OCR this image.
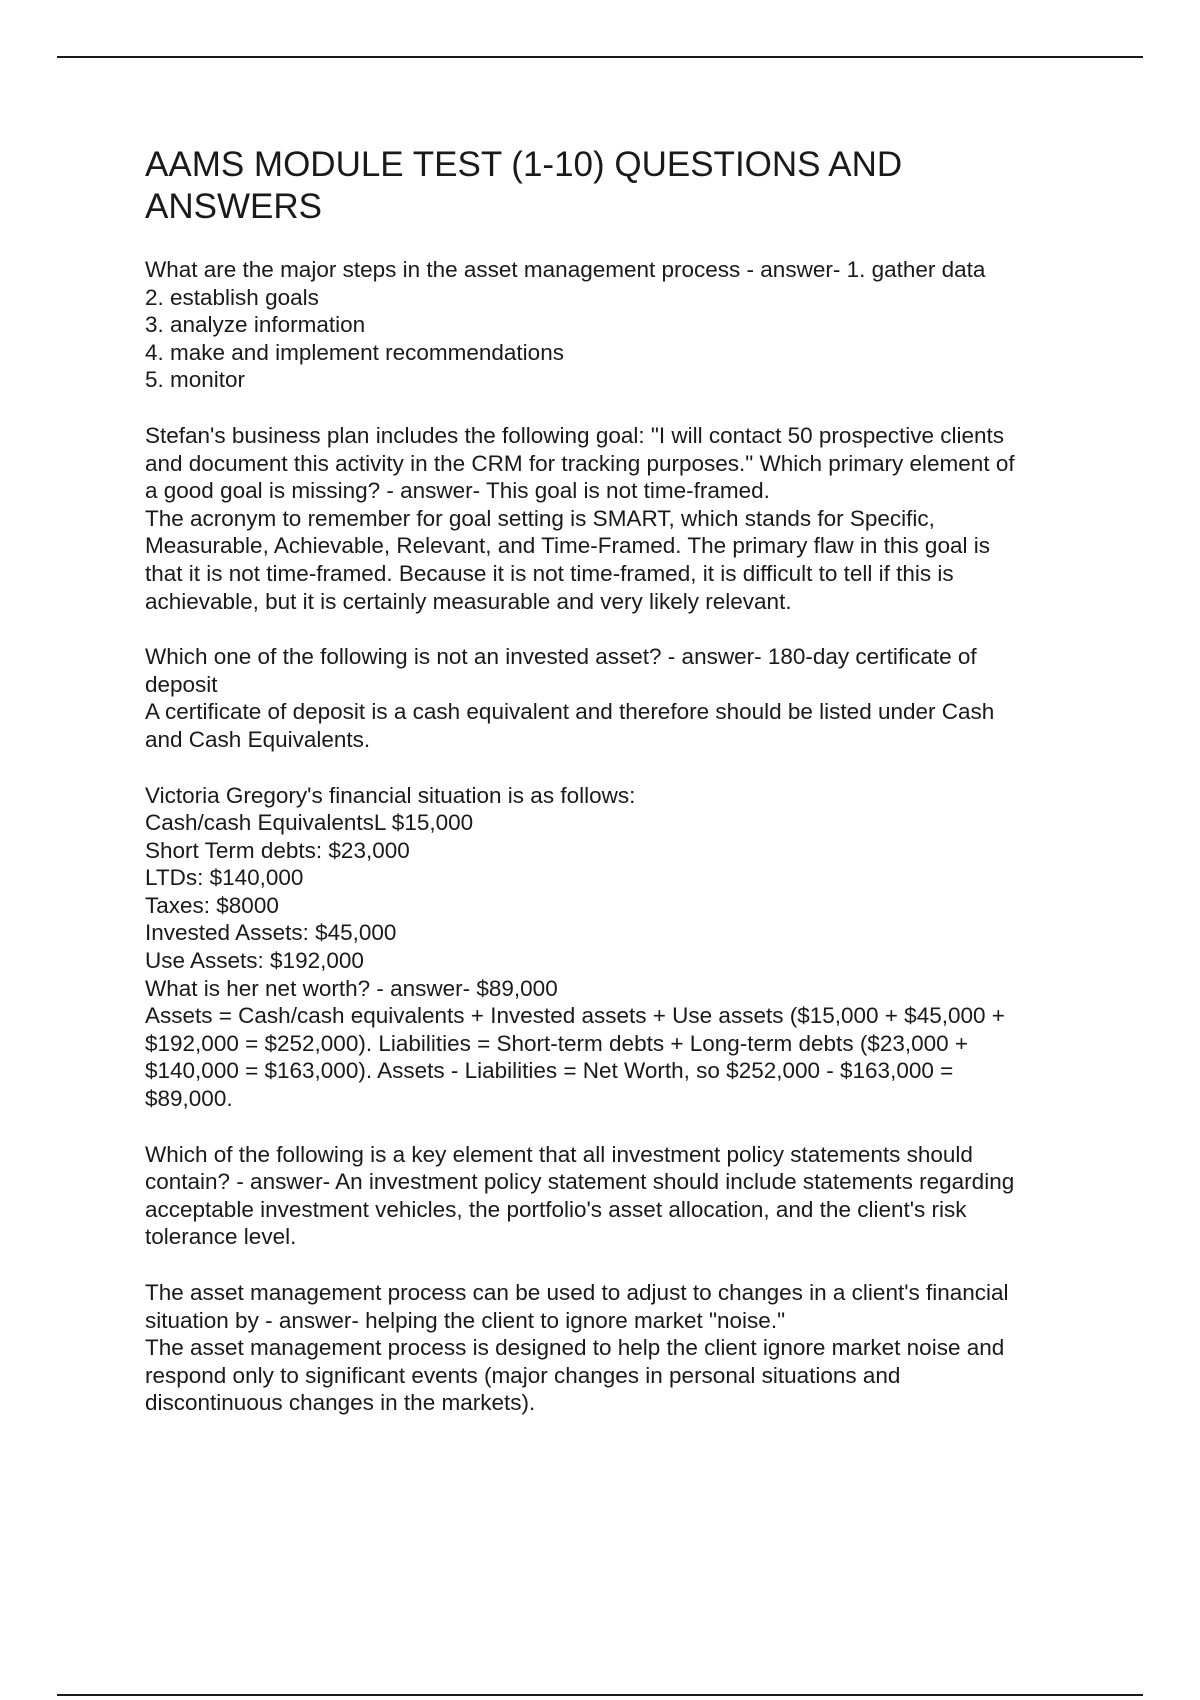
AAMS MODULE TEST (1-10) QUESTIONS AND
ANSWERS
What are the major steps in the asset management process - answer- 1. gather data
2. establish goals
3. analyze information
4. make and implement recommendations
5. monitor
Stefan's business plan includes the following goal: "I will contact 50 prospective clients
and document this activity in the CRM for tracking purposes." Which primary element of
a good goal is missing? - answer- This goal is not time-framed.
The acronym to remember for goal setting is SMART, which stands for Specific,
Measurable, Achievable, Relevant, and Time-Framed. The primary flaw in this goal is
that it is not time-framed. Because it is not time-framed, it is difficult to tell if this is
achievable, but it is certainly measurable and very likely relevant.
Which one of the following is not an invested asset? - answer- 180-day certificate of
deposit
A certificate of deposit is a cash equivalent and therefore should be listed under Cash
and Cash Equivalents.
Victoria Gregory's financial situation is as follows:
Cash/cash EquivalentsL $15,000
Short Term debts: $23,000
LTDs: $140,000
Taxes: $8000
Invested Assets: $45,000
Use Assets: $192,000
What is her net worth? - answer- $89,000
Assets = Cash/cash equivalents + Invested assets + Use assets ($15,000 + $45,000 +
$192,000 = $252,000). Liabilities = Short-term debts + Long-term debts ($23,000 +
$140,000 = $163,000). Assets - Liabilities = Net Worth, so $252,000 - $163,000 =
$89,000.
Which of the following is a key element that all investment policy statements should
contain? - answer- An investment policy statement should include statements regarding
acceptable investment vehicles, the portfolio's asset allocation, and the client's risk
tolerance level.
The asset management process can be used to adjust to changes in a client's financial
situation by - answer- helping the client to ignore market "noise."
The asset management process is designed to help the client ignore market noise and
respond only to significant events (major changes in personal situations and
discontinuous changes in the markets).
